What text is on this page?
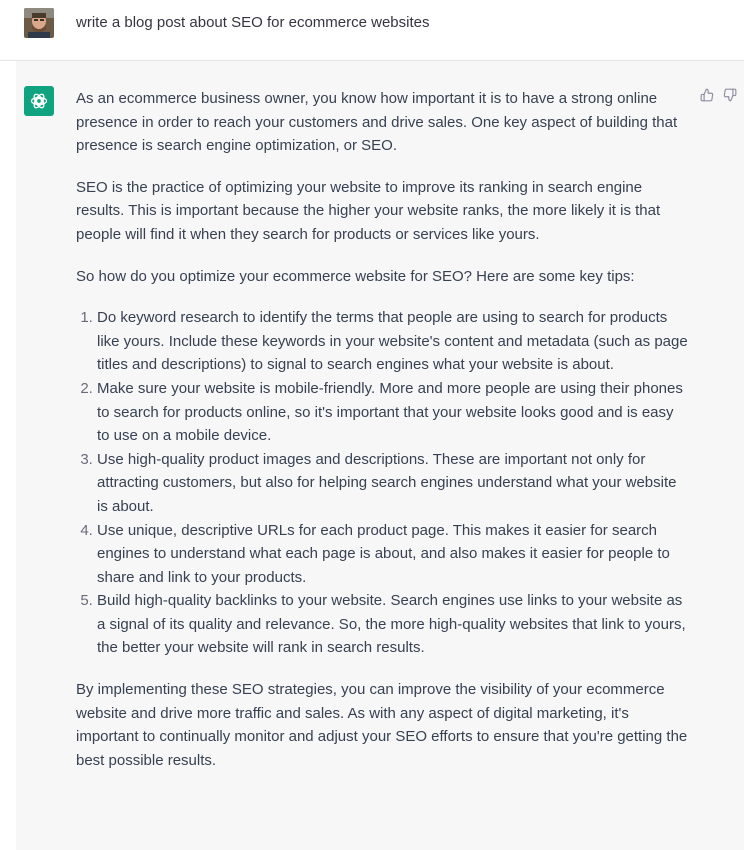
write a blog post about SEO for ecommerce websites

As an ecommerce business owner, you know how important it is to have a strong online presence in order to reach your customers and drive sales. One key aspect of building that presence is search engine optimization, or SEO.

SEO is the practice of optimizing your website to improve its ranking in search engine results. This is important because the higher your website ranks, the more likely it is that people will find it when they search for products or services like yours.

So how do you optimize your ecommerce website for SEO? Here are some key tips:

1. Do keyword research to identify the terms that people are using to search for products like yours. Include these keywords in your website's content and metadata (such as page titles and descriptions) to signal to search engines what your website is about.
2. Make sure your website is mobile-friendly. More and more people are using their phones to search for products online, so it's important that your website looks good and is easy to use on a mobile device.
3. Use high-quality product images and descriptions. These are important not only for attracting customers, but also for helping search engines understand what your website is about.
4. Use unique, descriptive URLs for each product page. This makes it easier for search engines to understand what each page is about, and also makes it easier for people to share and link to your products.
5. Build high-quality backlinks to your website. Search engines use links to your website as a signal of its quality and relevance. So, the more high-quality websites that link to yours, the better your website will rank in search results.

By implementing these SEO strategies, you can improve the visibility of your ecommerce website and drive more traffic and sales. As with any aspect of digital marketing, it's important to continually monitor and adjust your SEO efforts to ensure that you're getting the best possible results.
